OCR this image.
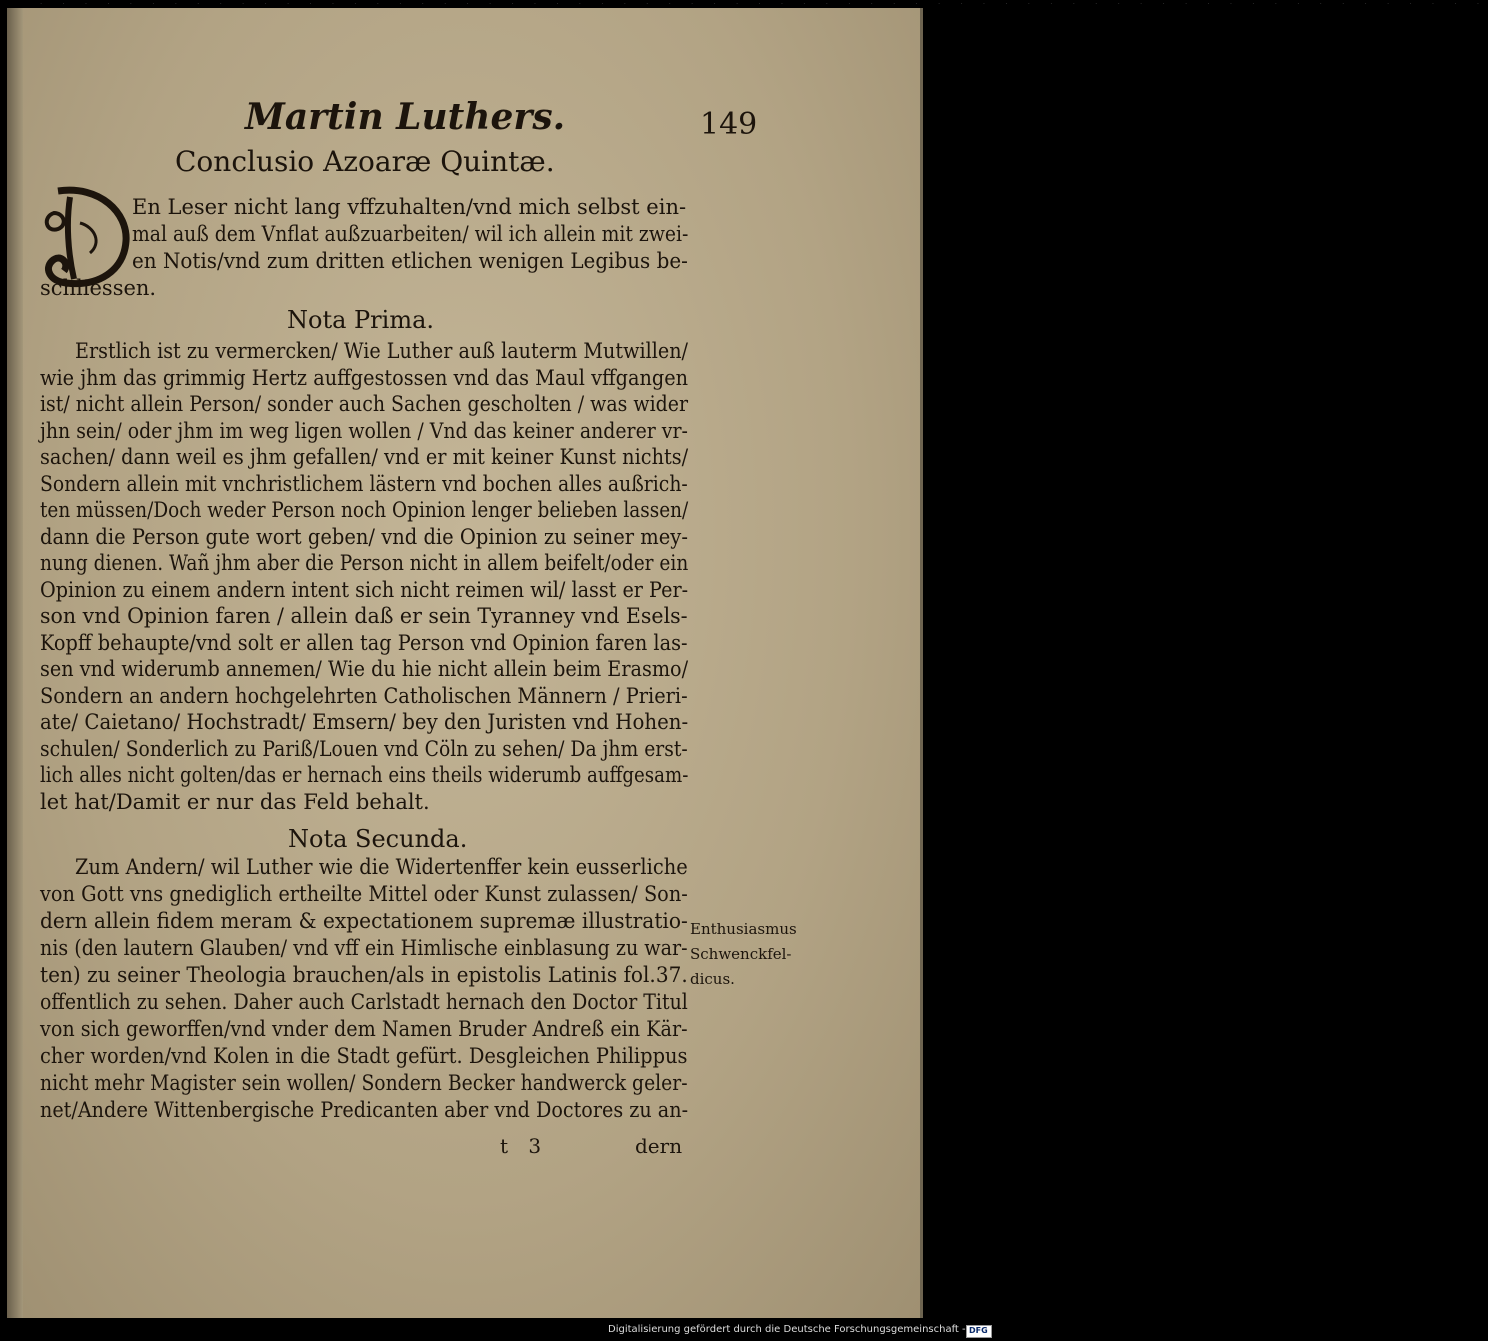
· · · · · · · · · · · · · · · · · · · · · · · · · · · · · · · · · · · · · · · · · · · · · · · · · · · · · · · · · · · · · · · · ·
Martin Luthers.	149
Conclusio Azoaræ Quintæ.
En Leser nicht lang vffzuhalten/vnd mich selbst ein-
mal auß dem Vnflat außzuarbeiten/ wil ich allein mit zwei-
en Notis/vnd zum dritten etlichen wenigen Legibus be-
schliessen.
Erstlich ist zu vermercken/ Wie Luther auß lauterm Mutwillen/
wie jhm das grimmig Hertz auffgestossen vnd das Maul vffgangen
ist/ nicht allein Person/ sonder auch Sachen gescholten / was wider
jhn sein/ oder jhm im weg ligen wollen / Vnd das keiner anderer vr-
sachen/ dann weil es jhm gefallen/ vnd er mit keiner Kunst nichts/
Sondern allein mit vnchristlichem lästern vnd bochen alles außrich-
ten müssen/Doch weder Person noch Opinion lenger belieben lassen/
dann die Person gute wort geben/ vnd die Opinion zu seiner mey-
nung dienen. Wañ jhm aber die Person nicht in allem beifelt/oder ein
Opinion zu einem andern intent sich nicht reimen wil/ lasst er Per-
son vnd Opinion faren / allein daß er sein Tyranney vnd Esels-
Kopff behaupte/vnd solt er allen tag Person vnd Opinion faren las-
sen vnd widerumb annemen/ Wie du hie nicht allein beim Erasmo/
Sondern an andern hochgelehrten Catholischen Männern / Prieri-
ate/ Caietano/ Hochstradt/ Emsern/ bey den Juristen vnd Hohen-
schulen/ Sonderlich zu Pariß/Louen vnd Cöln zu sehen/ Da jhm erst-
lich alles nicht golten/das er hernach eins theils widerumb auffgesam-
let hat/Damit er nur das Feld behalt.
Zum Andern/ wil Luther wie die Widertenffer kein eusserliche
von Gott vns gnediglich ertheilte Mittel oder Kunst zulassen/ Son-
dern allein fidem meram & expectationem supremæ illustratio-
nis (den lautern Glauben/ vnd vff ein Himlische einblasung zu war-
ten) zu seiner Theologia brauchen/als in epistolis Latinis fol.37.
offentlich zu sehen. Daher auch Carlstadt hernach den Doctor Titul
von sich geworffen/vnd vnder dem Namen Bruder Andreß ein Kär-
cher worden/vnd Kolen in die Stadt gefürt. Desgleichen Philippus
nicht mehr Magister sein wollen/ Sondern Becker handwerck geler-
net/Andere Wittenbergische Predicanten aber vnd Doctores zu an-
Nota Prima.
Nota Secunda.
Enthusiasmus
Schwenckfel-
dicus.
t 3	dern
Digitalisierung gefördert durch die Deutsche Forschungsgemeinschaft - DFG
